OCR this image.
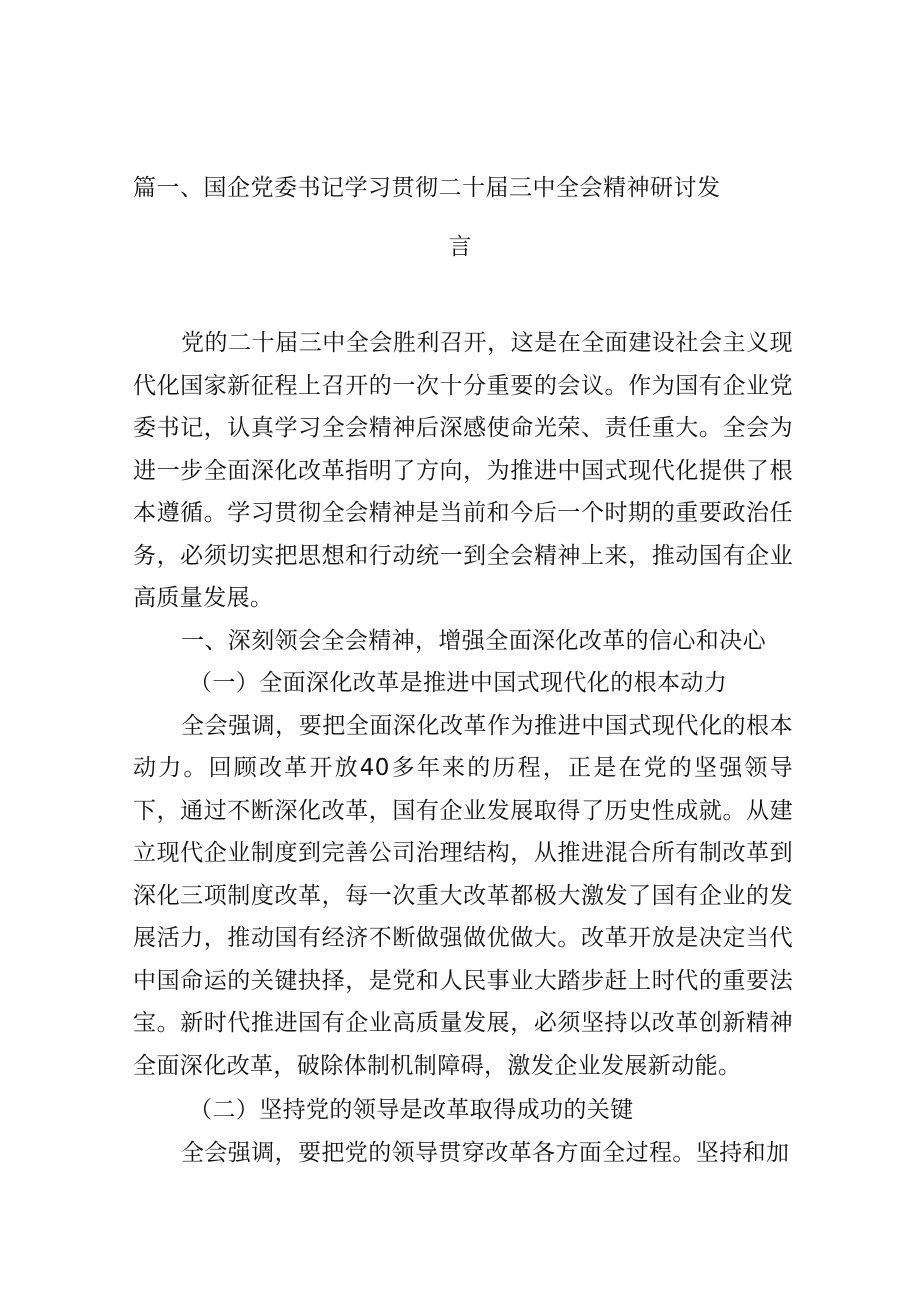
篇一、国企党委书记学习贯彻二十届三中全会精神研讨发
言

党的二十届三中全会胜利召开，这是在全面建设社会主义现代化国家新征程上召开的一次十分重要的会议。作为国有企业党委书记，认真学习全会精神后深感使命光荣、责任重大。全会为进一步全面深化改革指明了方向，为推进中国式现代化提供了根本遵循。学习贯彻全会精神是当前和今后一个时期的重要政治任务，必须切实把思想和行动统一到全会精神上来，推动国有企业高质量发展。

一、深刻领会全会精神，增强全面深化改革的信心和决心

（一）全面深化改革是推进中国式现代化的根本动力

全会强调，要把全面深化改革作为推进中国式现代化的根本动力。回顾改革开放40多年来的历程，正是在党的坚强领导下，通过不断深化改革，国有企业发展取得了历史性成就。从建立现代企业制度到完善公司治理结构，从推进混合所有制改革到深化三项制度改革，每一次重大改革都极大激发了国有企业的发展活力，推动国有经济不断做强做优做大。改革开放是决定当代中国命运的关键抉择，是党和人民事业大踏步赶上时代的重要法宝。新时代推进国有企业高质量发展，必须坚持以改革创新精神全面深化改革，破除体制机制障碍，激发企业发展新动能。

（二）坚持党的领导是改革取得成功的关键

全会强调，要把党的领导贯穿改革各方面全过程。坚持和加
